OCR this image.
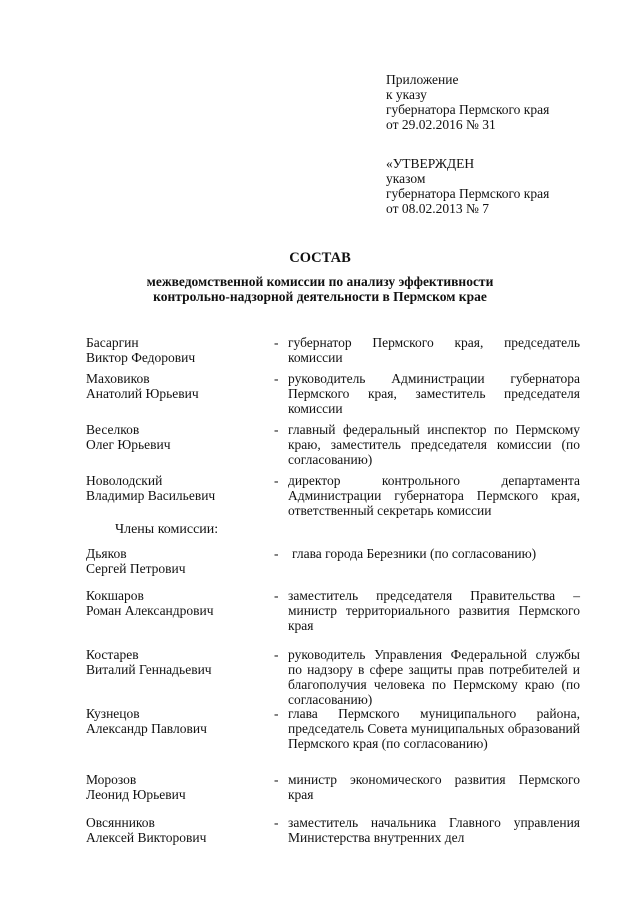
Приложение
к указу
губернатора Пермского края
от 29.02.2016 № 31
«УТВЕРЖДЕН
указом
губернатора Пермского края
от 08.02.2013 № 7
СОСТАВ
межведомственной комиссии по анализу эффективности
контрольно-надзорной деятельности в Пермском крае
Басаргин
Виктор Федорович
- губернатор Пермского края, председатель комиссии
Маховиков
Анатолий Юрьевич
- руководитель Администрации губернатора Пермского края, заместитель председателя комиссии
Веселков
Олег Юрьевич
- главный федеральный инспектор по Пермскому краю, заместитель председателя комиссии (по согласованию)
Новолодский
Владимир Васильевич
- директор контрольного департамента Администрации губернатора Пермского края, ответственный секретарь комиссии
Члены комиссии:
Дьяков
Сергей Петрович
- глава города Березники (по согласованию)
Кокшаров
Роман Александрович
- заместитель председателя Правительства – министр территориального развития Пермского края
Костарев
Виталий Геннадьевич
- руководитель Управления Федеральной службы по надзору в сфере защиты прав потребителей и благополучия человека по Пермскому краю (по согласованию)
Кузнецов
Александр Павлович
- глава Пермского муниципального района, председатель Совета муниципальных образований Пермского края (по согласованию)
Морозов
Леонид Юрьевич
- министр экономического развития Пермского края
Овсянников
Алексей Викторович
- заместитель начальника Главного управления Министерства внутренних дел
